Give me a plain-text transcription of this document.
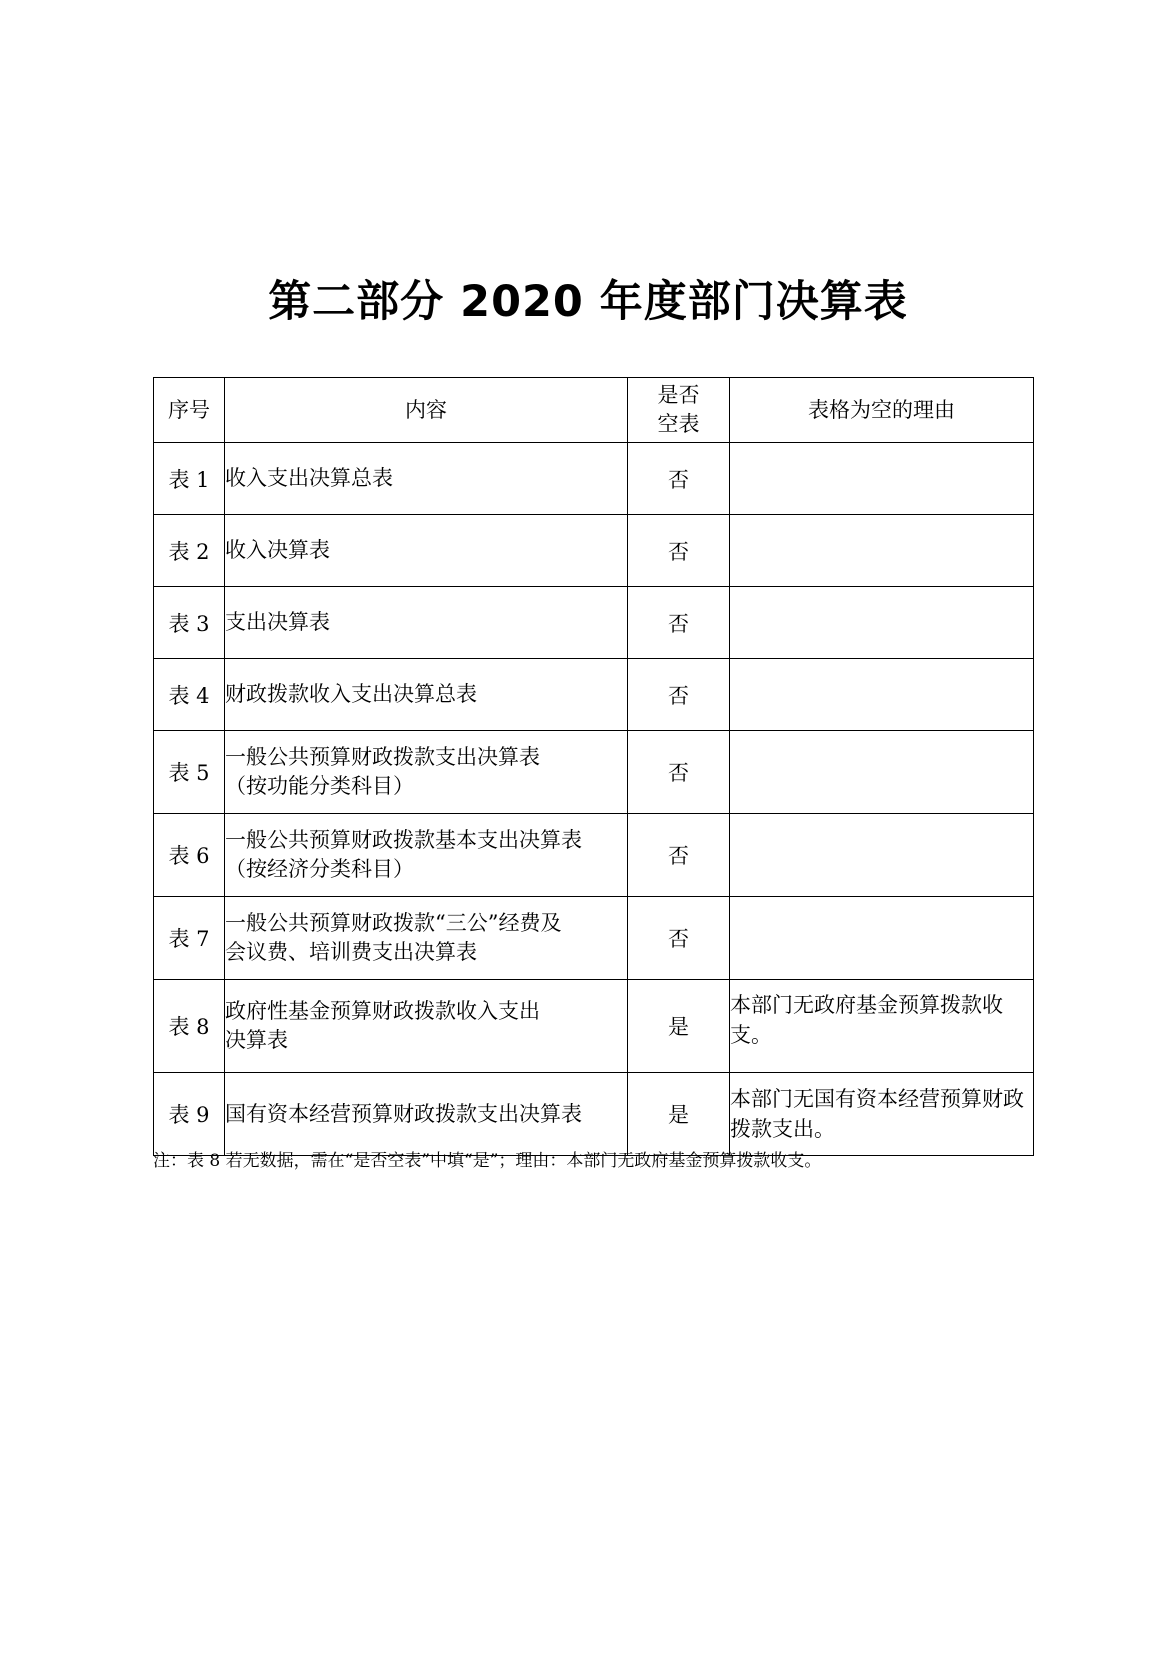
第二部分 2020 年度部门决算表
序号	内容	是否
空表	表格为空的理由
表 1	收入支出决算总表	否	
表 2	收入决算表	否	
表 3	支出决算表	否	
表 4	财政拨款收入支出决算总表	否	
表 5	一般公共预算财政拨款支出决算表
（按功能分类科目）	否	
表 6	一般公共预算财政拨款基本支出决算表
（按经济分类科目）	否	
表 7	一般公共预算财政拨款“三公”经费及
会议费、培训费支出决算表	否	
表 8	政府性基金预算财政拨款收入支出
决算表	是	本部门无政府基金预算拨款收支。
表 9	国有资本经营预算财政拨款支出决算表	是	本部门无国有资本经营预算财政拨款支出。
注：表 8 若无数据，需在“是否空表”中填“是”；理由：本部门无政府基金预算拨款收支。
